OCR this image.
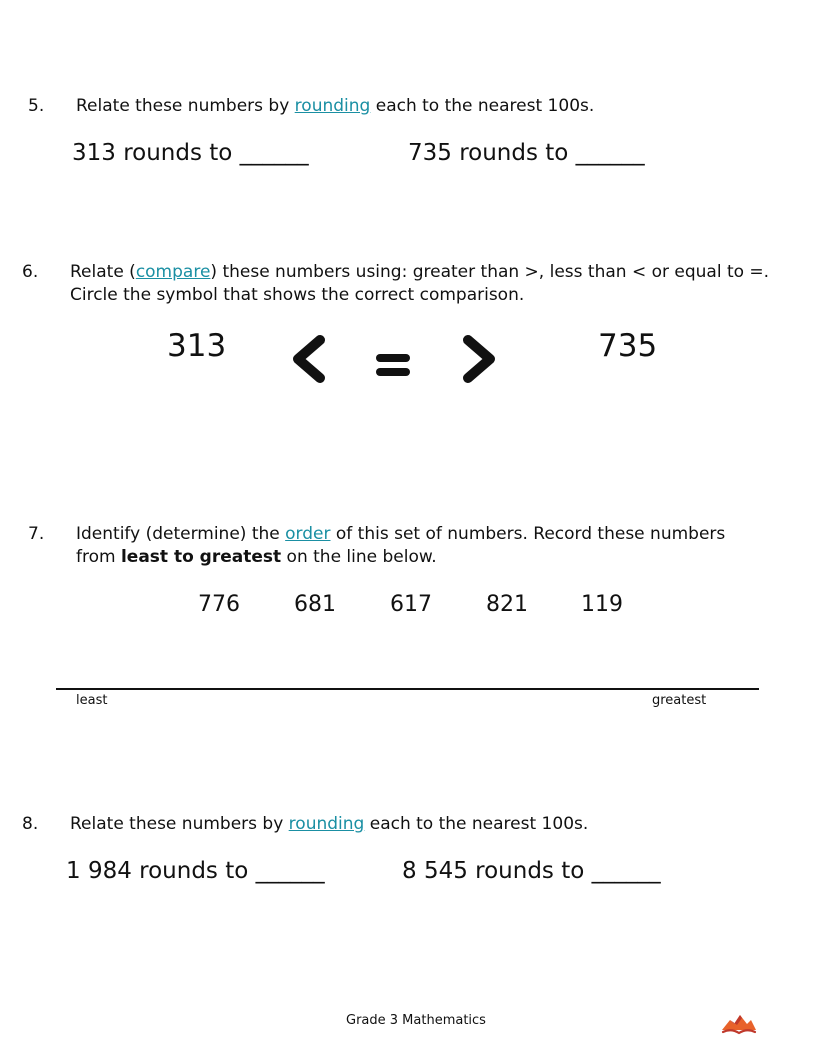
5. Relate these numbers by rounding each to the nearest 100s.
313 rounds to ______	735 rounds to ______
6. Relate (compare) these numbers using: greater than >, less than < or equal to =.
Circle the symbol that shows the correct comparison.
313	735
7. Identify (determine) the order of this set of numbers. Record these numbers
from least to greatest on the line below.
776 681 617 821 119
least	greatest
8. Relate these numbers by rounding each to the nearest 100s.
1 984 rounds to ______	8 545 rounds to ______
Grade 3 Mathematics
